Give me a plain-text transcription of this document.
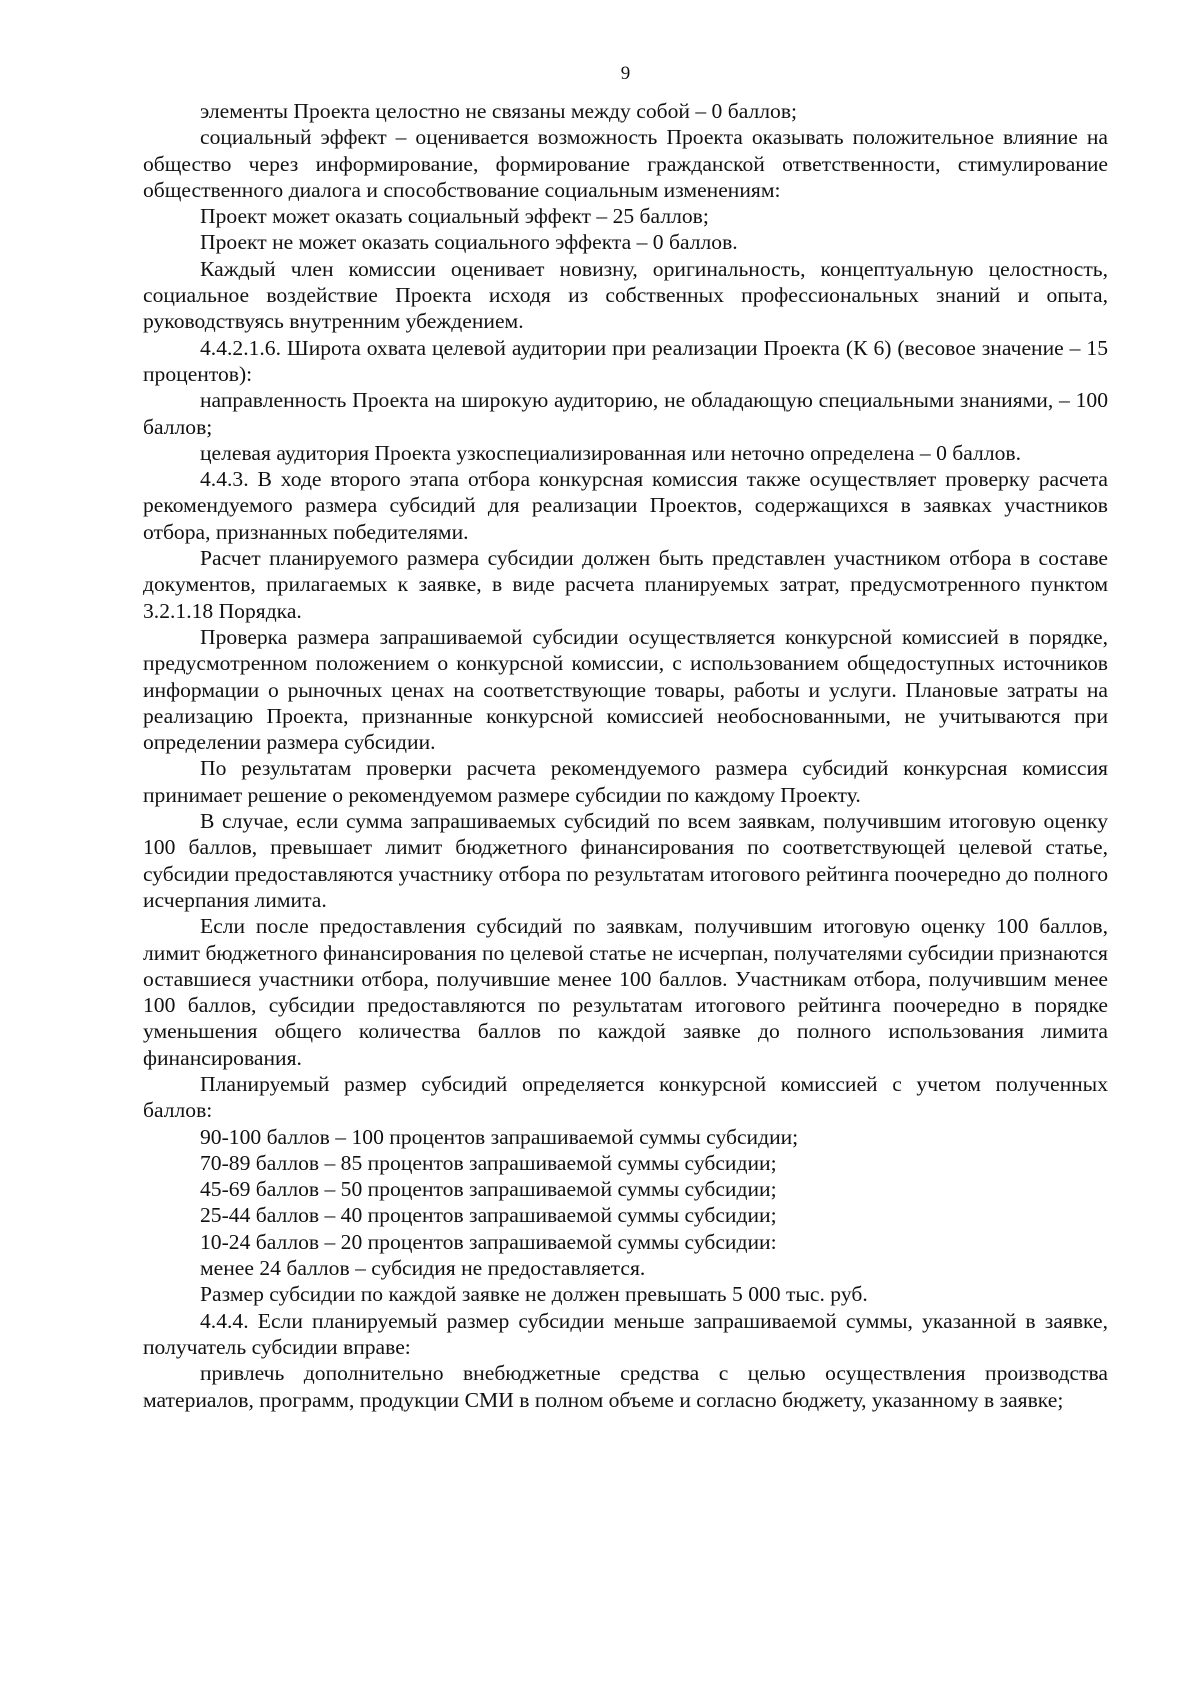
9

элементы Проекта целостно не связаны между собой – 0 баллов;

социальный эффект – оценивается возможность Проекта оказывать положительное влияние на общество через информирование, формирование гражданской ответственности, стимулирование общественного диалога и способствование социальным изменениям:

Проект может оказать социальный эффект – 25 баллов;

Проект не может оказать социального эффекта – 0 баллов.

Каждый член комиссии оценивает новизну, оригинальность, концептуальную целостность, социальное воздействие Проекта исходя из собственных профессиональных знаний и опыта, руководствуясь внутренним убеждением.

4.4.2.1.6. Широта охвата целевой аудитории при реализации Проекта (К 6) (весовое значение – 15 процентов):

направленность Проекта на широкую аудиторию, не обладающую специальными знаниями, – 100 баллов;

целевая аудитория Проекта узкоспециализированная или неточно определена – 0 баллов.

4.4.3. В ходе второго этапа отбора конкурсная комиссия также осуществляет проверку расчета рекомендуемого размера субсидий для реализации Проектов, содержащихся в заявках участников отбора, признанных победителями.

Расчет планируемого размера субсидии должен быть представлен участником отбора в составе документов, прилагаемых к заявке, в виде расчета планируемых затрат, предусмотренного пунктом 3.2.1.18 Порядка.

Проверка размера запрашиваемой субсидии осуществляется конкурсной комиссией в порядке, предусмотренном положением о конкурсной комиссии, с использованием общедоступных источников информации о рыночных ценах на соответствующие товары, работы и услуги. Плановые затраты на реализацию Проекта, признанные конкурсной комиссией необоснованными, не учитываются при определении размера субсидии.

По результатам проверки расчета рекомендуемого размера субсидий конкурсная комиссия принимает решение о рекомендуемом размере субсидии по каждому Проекту.

В случае, если сумма запрашиваемых субсидий по всем заявкам, получившим итоговую оценку 100 баллов, превышает лимит бюджетного финансирования по соответствующей целевой статье, субсидии предоставляются участнику отбора по результатам итогового рейтинга поочередно до полного исчерпания лимита.

Если после предоставления субсидий по заявкам, получившим итоговую оценку 100 баллов, лимит бюджетного финансирования по целевой статье не исчерпан, получателями субсидии признаются оставшиеся участники отбора, получившие менее 100 баллов. Участникам отбора, получившим менее 100 баллов, субсидии предоставляются по результатам итогового рейтинга поочередно в порядке уменьшения общего количества баллов по каждой заявке до полного использования лимита финансирования.

Планируемый размер субсидий определяется конкурсной комиссией с учетом полученных баллов:

90-100 баллов – 100 процентов запрашиваемой суммы субсидии;

70-89 баллов – 85 процентов запрашиваемой суммы субсидии;

45-69 баллов – 50 процентов запрашиваемой суммы субсидии;

25-44 баллов – 40 процентов запрашиваемой суммы субсидии;

10-24 баллов – 20 процентов запрашиваемой суммы субсидии:

менее 24 баллов – субсидия не предоставляется.

Размер субсидии по каждой заявке не должен превышать 5 000 тыс. руб.

4.4.4. Если планируемый размер субсидии меньше запрашиваемой суммы, указанной в заявке, получатель субсидии вправе:

привлечь дополнительно внебюджетные средства с целью осуществления производства материалов, программ, продукции СМИ в полном объеме и согласно бюджету, указанному в заявке;
